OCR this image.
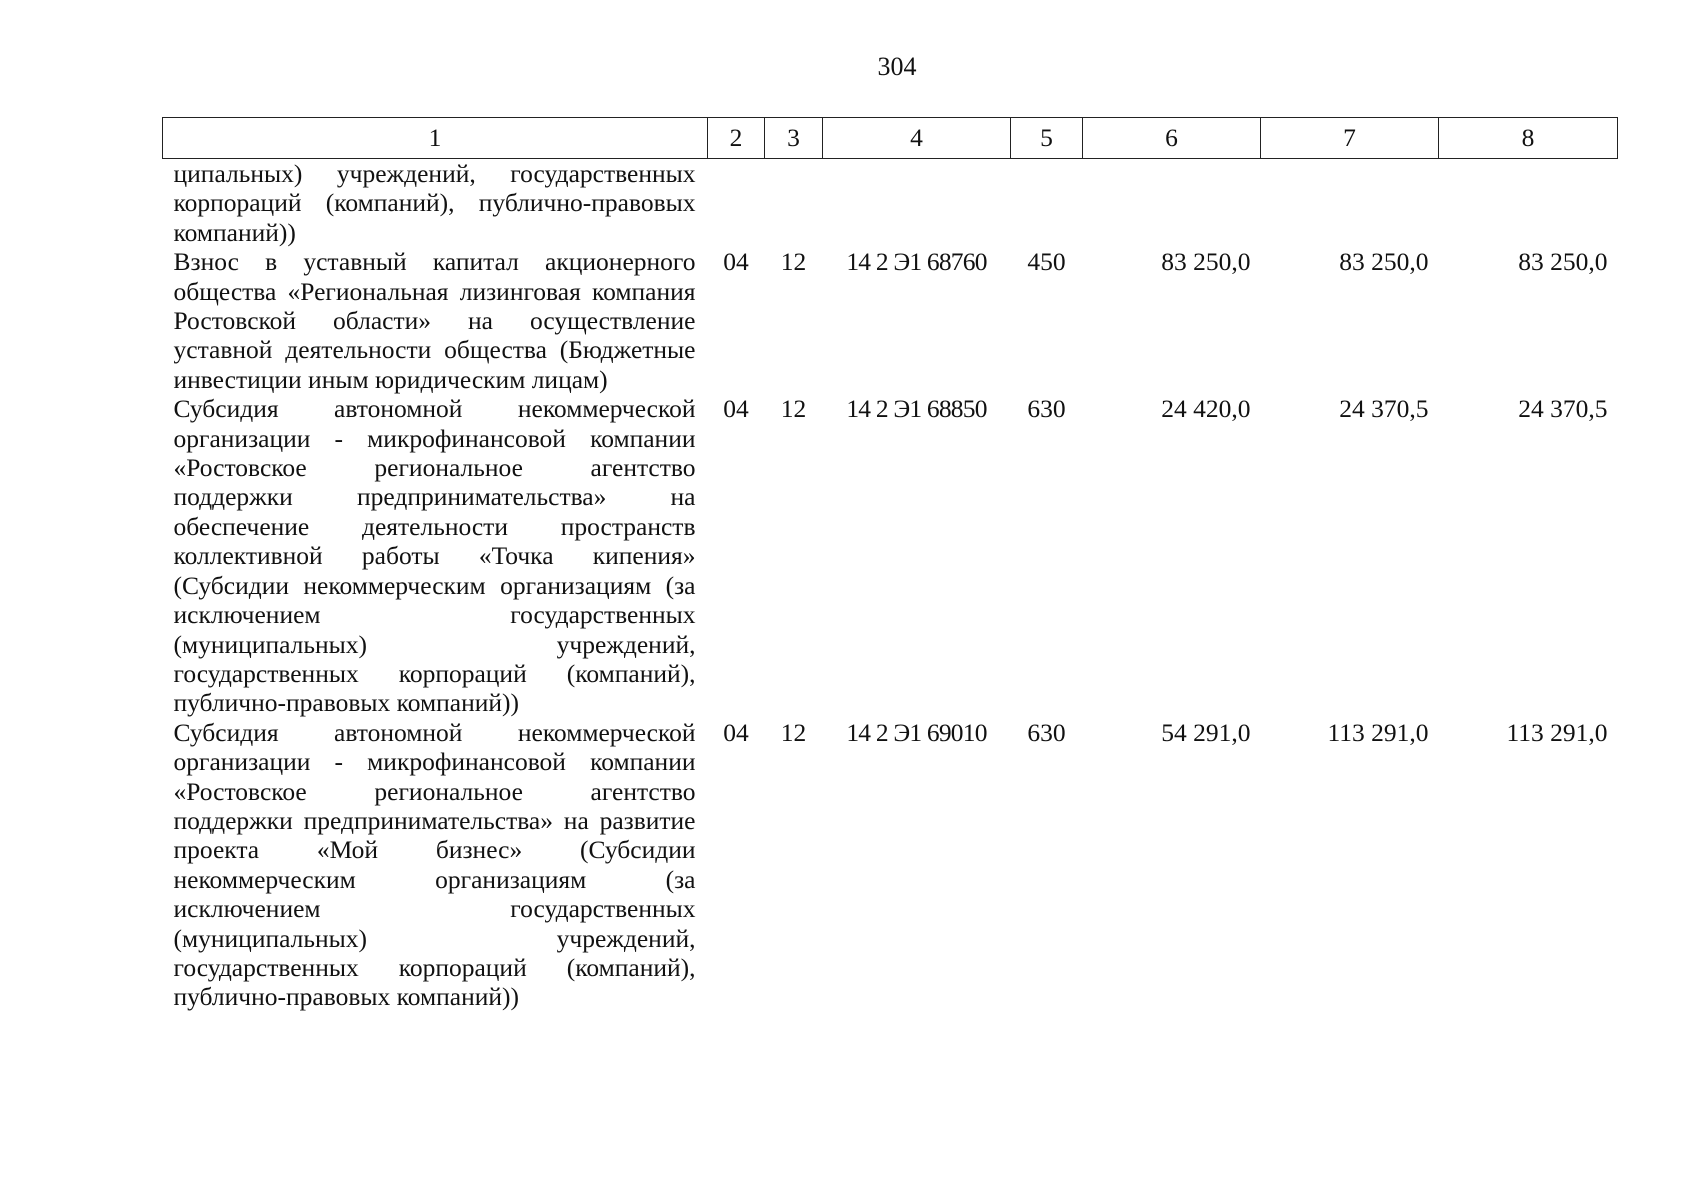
304
1	2	3	4	5	6	7	8
ципальных) учреждений, государственных корпораций (компаний), публично-правовых компаний))							
Взнос в уставный капитал акционерного общества «Региональная лизинговая компания Ростовской области» на осуществление уставной деятельности общества (Бюджетные инвестиции иным юридическим лицам)	04	12	14 2 Э1 68760	450	83 250,0	83 250,0	83 250,0
Субсидия автономной некоммерческой организации - микрофинансовой компании «Ростовское региональное агентство поддержки предпринимательства» на обеспечение деятельности пространств коллективной работы «Точка кипения» (Субсидии некоммерческим организациям (за исключением государственных (муниципальных) учреждений, государственных корпораций (компаний), публично-правовых компаний))	04	12	14 2 Э1 68850	630	24 420,0	24 370,5	24 370,5
Субсидия автономной некоммерческой организации - микрофинансовой компании «Ростовское региональное агентство поддержки предпринимательства» на развитие проекта «Мой бизнес» (Субсидии некоммерческим организациям (за исключением государственных (муниципальных) учреждений, государственных корпораций (компаний), публично-правовых компаний))	04	12	14 2 Э1 69010	630	54 291,0	113 291,0	113 291,0
